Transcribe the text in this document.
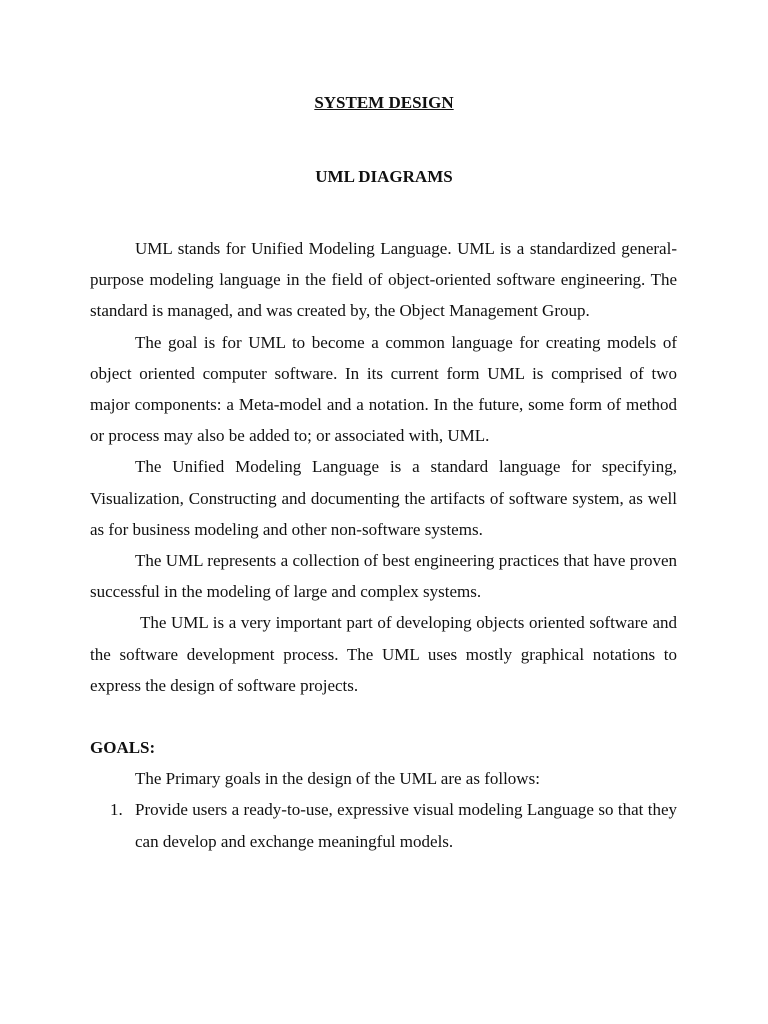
SYSTEM DESIGN
UML DIAGRAMS

UML stands for Unified Modeling Language. UML is a standardized general-purpose modeling language in the field of object-oriented software engineering. The standard is managed, and was created by, the Object Management Group.

The goal is for UML to become a common language for creating models of object oriented computer software. In its current form UML is comprised of two major components: a Meta-model and a notation. In the future, some form of method or process may also be added to; or associated with, UML.

The Unified Modeling Language is a standard language for specifying, Visualization, Constructing and documenting the artifacts of software system, as well as for business modeling and other non-software systems.

The UML represents a collection of best engineering practices that have proven successful in the modeling of large and complex systems.

The UML is a very important part of developing objects oriented software and the software development process. The UML uses mostly graphical notations to express the design of software projects.

GOALS:

The Primary goals in the design of the UML are as follows:

1. Provide users a ready-to-use, expressive visual modeling Language so that they can develop and exchange meaningful models.
